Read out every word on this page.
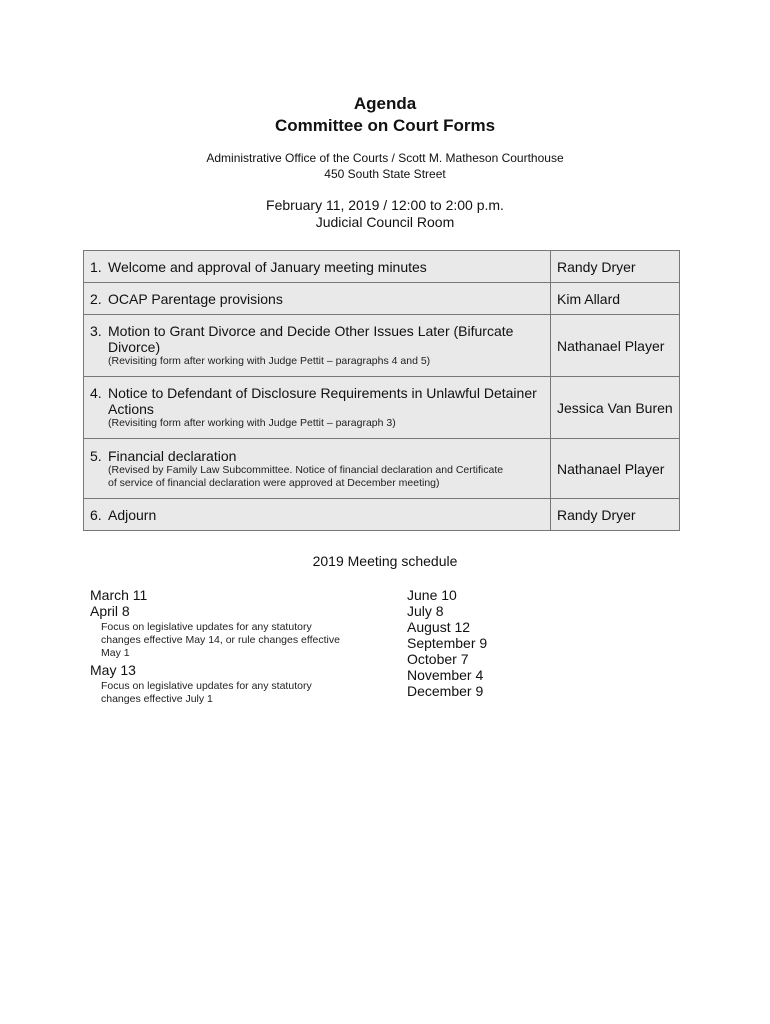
Agenda
Committee on Court Forms
Administrative Office of the Courts / Scott M. Matheson Courthouse
450 South State Street
February 11, 2019 / 12:00 to 2:00 p.m.
Judicial Council Room
1. Welcome and approval of January meeting minutes	Randy Dryer
2. OCAP Parentage provisions	Kim Allard

3. Motion to Grant Divorce and Decide Other Issues Later (Bifurcate
Divorce)
(Revisiting form after working with Judge Pettit – paragraphs 4 and 5)	Nathanael Player

4. Notice to Defendant of Disclosure Requirements in Unlawful Detainer
Actions
(Revisiting form after working with Judge Pettit – paragraph 3)	Jessica Van Buren

5. Financial declaration
(Revised by Family Law Subcommittee. Notice of financial declaration and Certificate
of service of financial declaration were approved at December meeting)	Nathanael Player
6. Adjourn	Randy Dryer
2019 Meeting schedule
March 11
April 8
Focus on legislative updates for any statutory
changes effective May 14, or rule changes effective
May 1
May 13
Focus on legislative updates for any statutory
changes effective July 1
June 10
July 8
August 12
September 9
October 7
November 4
December 9
